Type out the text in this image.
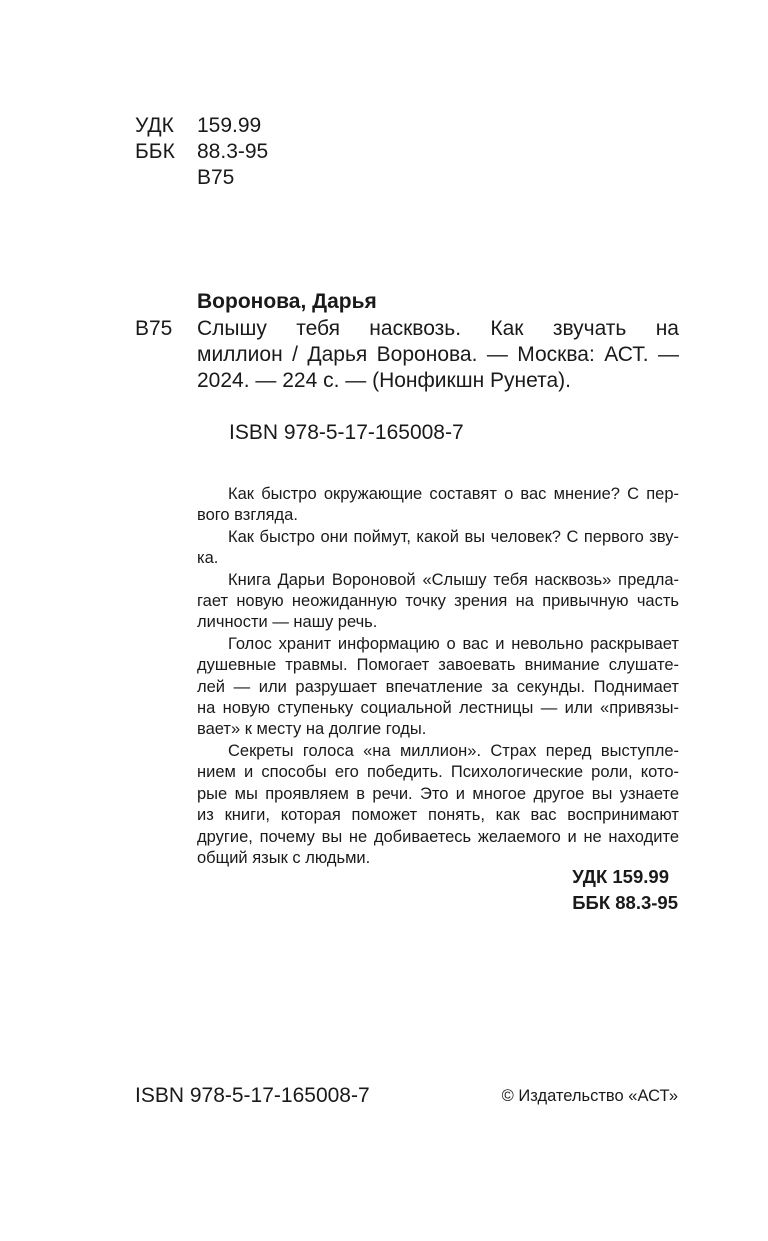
УДК	159.99
ББК	88.3-95
В75
Воронова, Дарья
В75 Слышу тебя насквозь. Как звучать на
миллион / Дарья Воронова. — Москва: АСТ. —
2024. — 224 с. — (Нонфикшн Рунета).
ISBN 978-5-17-165008-7
Как быстро окружающие составят о вас мнение? С пер-
вого взгляда.
Как быстро они поймут, какой вы человек? С первого зву-
ка.
Книга Дарьи Вороновой «Слышу тебя насквозь» предла-
гает новую неожиданную точку зрения на привычную часть
личности — нашу речь.
Голос хранит информацию о вас и невольно раскрывает
душевные травмы. Помогает завоевать внимание слушате-
лей — или разрушает впечатление за секунды. Поднимает
на новую ступеньку социальной лестницы — или «привязы-
вает» к месту на долгие годы.
Секреты голоса «на миллион». Страх перед выступле-
нием и способы его победить. Психологические роли, кото-
рые мы проявляем в речи. Это и многое другое вы узнаете
из книги, которая поможет понять, как вас воспринимают
другие, почему вы не добиваетесь желаемого и не находите
общий язык с людьми.
УДК 159.99
ББК 88.3-95
ISBN 978-5-17-165008-7	© Издательство «АСТ»
